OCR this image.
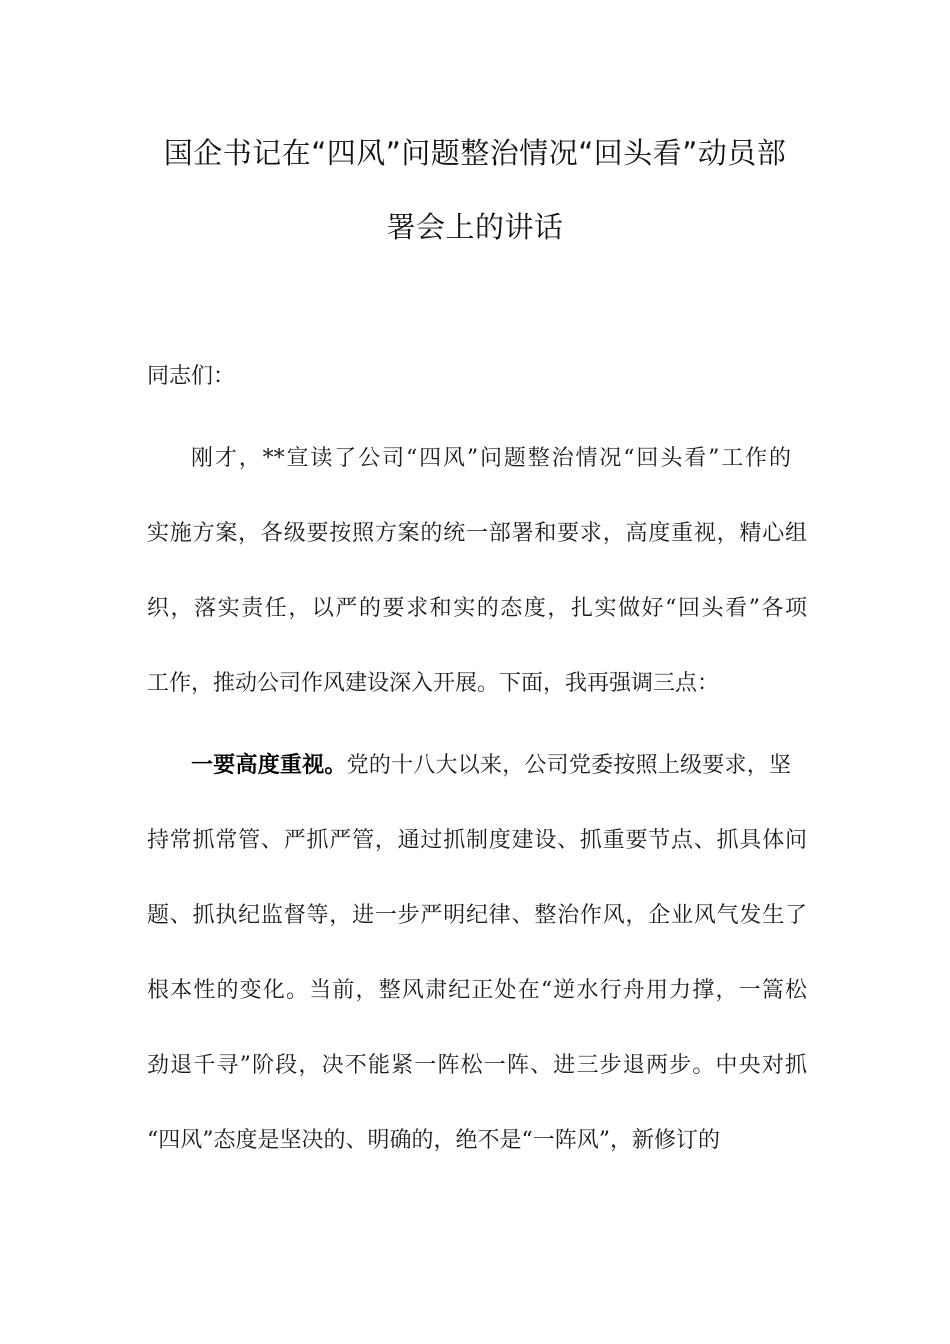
国企书记在“四风”问题整治情况“回头看”动员部
署会上的讲话
同志们：
刚才，**宣读了公司“四风”问题整治情况“回头看”工作的
实施方案，各级要按照方案的统一部署和要求，高度重视，精心组
织，落实责任，以严的要求和实的态度，扎实做好“回头看”各项
工作，推动公司作风建设深入开展。下面，我再强调三点：
一要高度重视。党的十八大以来，公司党委按照上级要求，坚
持常抓常管、严抓严管，通过抓制度建设、抓重要节点、抓具体问
题、抓执纪监督等，进一步严明纪律、整治作风，企业风气发生了
根本性的变化。当前，整风肃纪正处在“逆水行舟用力撑，一篙松
劲退千寻”阶段，决不能紧一阵松一阵、进三步退两步。中央对抓
“四风”态度是坚决的、明确的，绝不是“一阵风”，新修订的
